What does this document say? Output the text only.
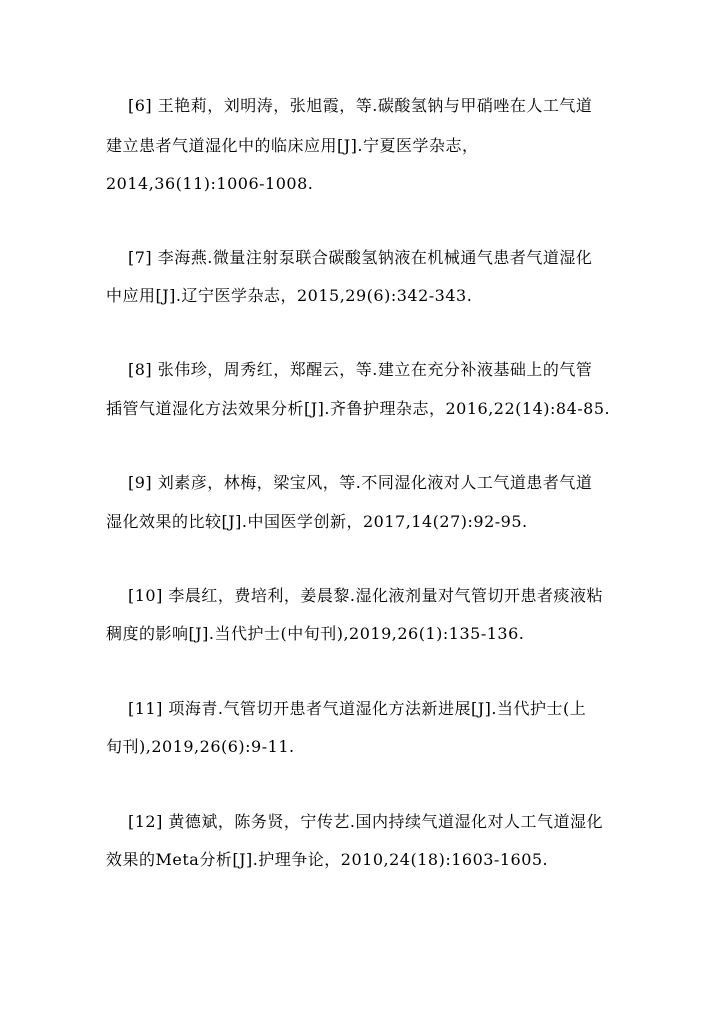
[6] 王艳莉，刘明涛，张旭霞，等.碳酸氢钠与甲硝唑在人工气道
建立患者气道湿化中的临床应用[J].宁夏医学杂志，
2014,36(11):1006-1008.
[7] 李海燕.微量注射泵联合碳酸氢钠液在机械通气患者气道湿化
中应用[J].辽宁医学杂志，2015,29(6):342-343.
[8] 张伟珍，周秀红，郑醒云，等.建立在充分补液基础上的气管
插管气道湿化方法效果分析[J].齐鲁护理杂志，2016,22(14):84-85.
[9] 刘素彦，林梅，梁宝风，等.不同湿化液对人工气道患者气道
湿化效果的比较[J].中国医学创新，2017,14(27):92-95.
[10] 李晨红，费培利，姜晨黎.湿化液剂量对气管切开患者痰液粘
稠度的影响[J].当代护士(中旬刊),2019,26(1):135-136.
[11] 项海青.气管切开患者气道湿化方法新进展[J].当代护士(上
旬刊),2019,26(6):9-11.
[12] 黄德斌，陈务贤，宁传艺.国内持续气道湿化对人工气道湿化
效果的Meta分析[J].护理争论，2010,24(18):1603-1605.
